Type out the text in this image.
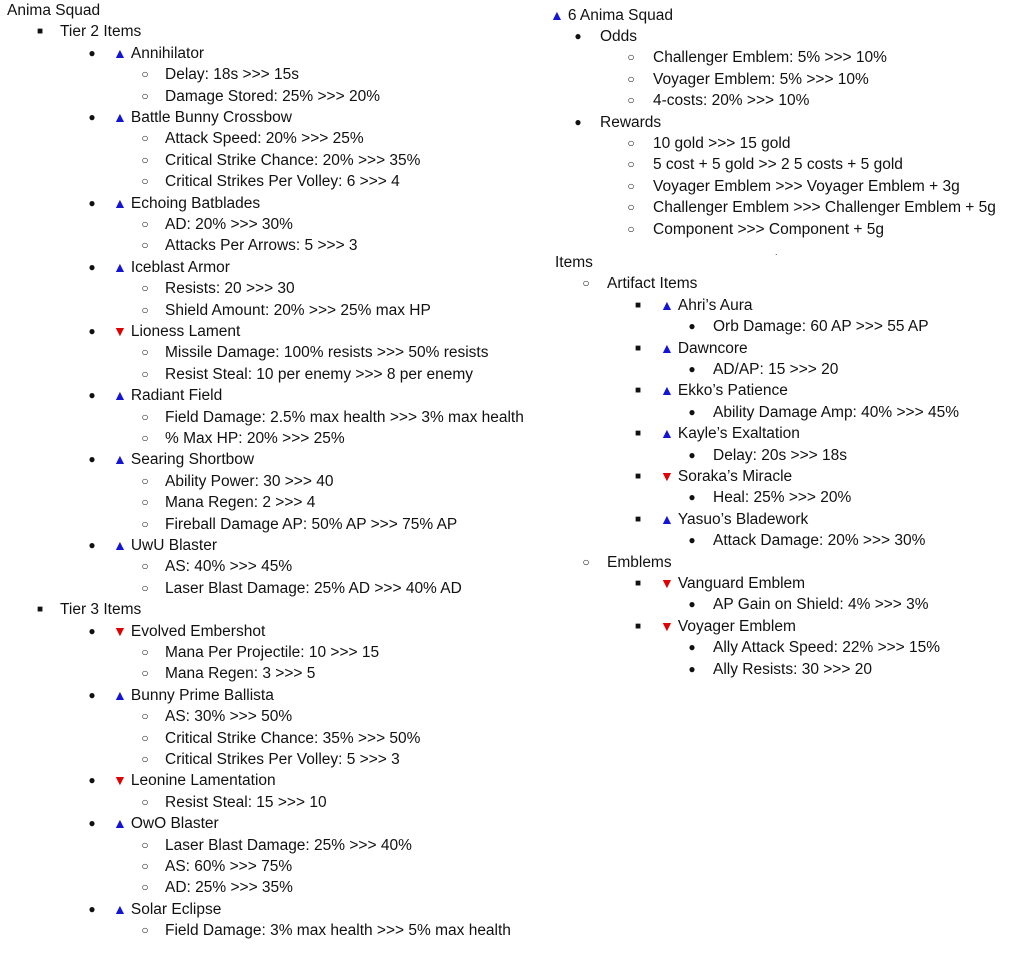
Anima Squad
■ Tier 2 Items
● ▲ Annihilator
○ Delay: 18s >>> 15s
○ Damage Stored: 25% >>> 20%
● ▲ Battle Bunny Crossbow
○ Attack Speed: 20% >>> 25%
○ Critical Strike Chance: 20% >>> 35%
○ Critical Strikes Per Volley: 6 >>> 4
● ▲ Echoing Batblades
○ AD: 20% >>> 30%
○ Attacks Per Arrows: 5 >>> 3
● ▲ Iceblast Armor
○ Resists: 20 >>> 30
○ Shield Amount: 20% >>> 25% max HP
● ▼ Lioness Lament
○ Missile Damage: 100% resists >>> 50% resists
○ Resist Steal: 10 per enemy >>> 8 per enemy
● ▲ Radiant Field
○ Field Damage: 2.5% max health >>> 3% max health
○ % Max HP: 20% >>> 25%
● ▲ Searing Shortbow
○ Ability Power: 30 >>> 40
○ Mana Regen: 2 >>> 4
○ Fireball Damage AP: 50% AP >>> 75% AP
● ▲ UwU Blaster
○ AS: 40% >>> 45%
○ Laser Blast Damage: 25% AD >>> 40% AD
■ Tier 3 Items
● ▼ Evolved Embershot
○ Mana Per Projectile: 10 >>> 15
○ Mana Regen: 3 >>> 5
● ▲ Bunny Prime Ballista
○ AS: 30% >>> 50%
○ Critical Strike Chance: 35% >>> 50%
○ Critical Strikes Per Volley: 5 >>> 3
● ▼ Leonine Lamentation
○ Resist Steal: 15 >>> 10
● ▲ OwO Blaster
○ Laser Blast Damage: 25% >>> 40%
○ AS: 60% >>> 75%
○ AD: 25% >>> 35%
● ▲ Solar Eclipse
○ Field Damage: 3% max health >>> 5% max health
.
▲ 6 Anima Squad
● Odds
○ Challenger Emblem: 5% >>> 10%
○ Voyager Emblem: 5% >>> 10%
○ 4-costs: 20% >>> 10%
● Rewards
○ 10 gold >>> 15 gold
○ 5 cost + 5 gold >> 2 5 costs + 5 gold
○ Voyager Emblem >>> Voyager Emblem + 3g
○ Challenger Emblem >>> Challenger Emblem + 5g
○ Component >>> Component + 5g
Items
○ Artifact Items
■ ▲ Ahri’s Aura
● Orb Damage: 60 AP >>> 55 AP
■ ▲ Dawncore
● AD/AP: 15 >>> 20
■ ▲ Ekko’s Patience
● Ability Damage Amp: 40% >>> 45%
■ ▲ Kayle’s Exaltation
● Delay: 20s >>> 18s
■ ▼ Soraka’s Miracle
● Heal: 25% >>> 20%
■ ▲ Yasuo’s Bladework
● Attack Damage: 20% >>> 30%
○ Emblems
■ ▼ Vanguard Emblem
● AP Gain on Shield: 4% >>> 3%
■ ▼ Voyager Emblem
● Ally Attack Speed: 22% >>> 15%
● Ally Resists: 30 >>> 20
